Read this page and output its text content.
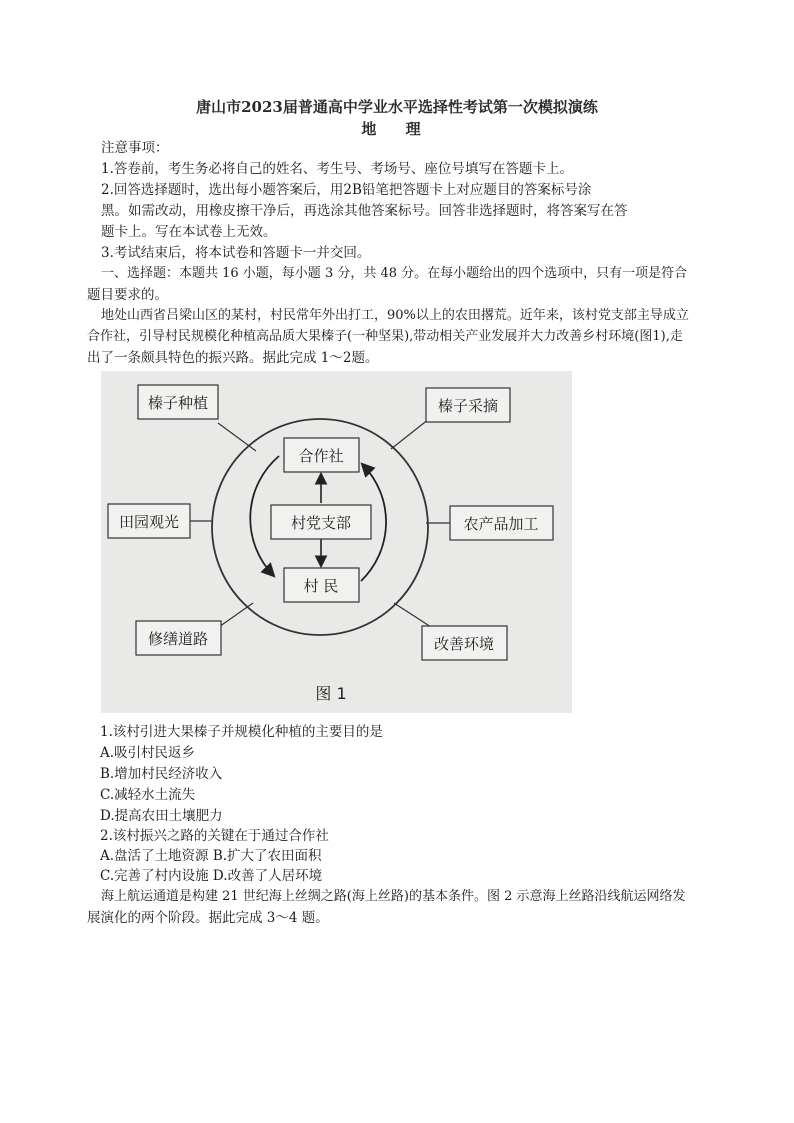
唐山市2023届普通高中学业水平选择性考试第一次模拟演练
地 理
注意事项：
1.答卷前，考生务必将自己的姓名、考生号、考场号、座位号填写在答题卡上。
2.回答选择题时，选出每小题答案后，用2B铅笔把答题卡上对应题目的答案标号涂
黑。如需改动，用橡皮擦干净后，再选涂其他答案标号。回答非选择题时，将答案写在答
题卡上。写在本试卷上无效。
3.考试结束后，将本试卷和答题卡一并交回。
一、选择题：本题共 16 小题，每小题 3 分，共 48 分。在每小题给出的四个选项中，只有一项是符合
题目要求的。
地处山西省吕梁山区的某村，村民常年外出打工，90%以上的农田撂荒。近年来，该村党支部主导成立
合作社，引导村民规模化种植高品质大果榛子(一种坚果),带动相关产业发展并大力改善乡村环境(图1),走
出了一条颇具特色的振兴路。据此完成 1～2题。
合作社
村党支部
村 民
榛子种植	榛子采摘
田园观光	农产品加工
修缮道路	改善环境
图 1
1.该村引进大果榛子并规模化种植的主要目的是
A.吸引村民返乡
B.增加村民经济收入
C.减轻水土流失
D.提高农田土壤肥力
2.该村振兴之路的关键在于通过合作社
A.盘活了土地资源 B.扩大了农田面积
C.完善了村内设施 D.改善了人居环境
海上航运通道是构建 21 世纪海上丝绸之路(海上丝路)的基本条件。图 2 示意海上丝路沿线航运网络发
展演化的两个阶段。据此完成 3～4 题。
